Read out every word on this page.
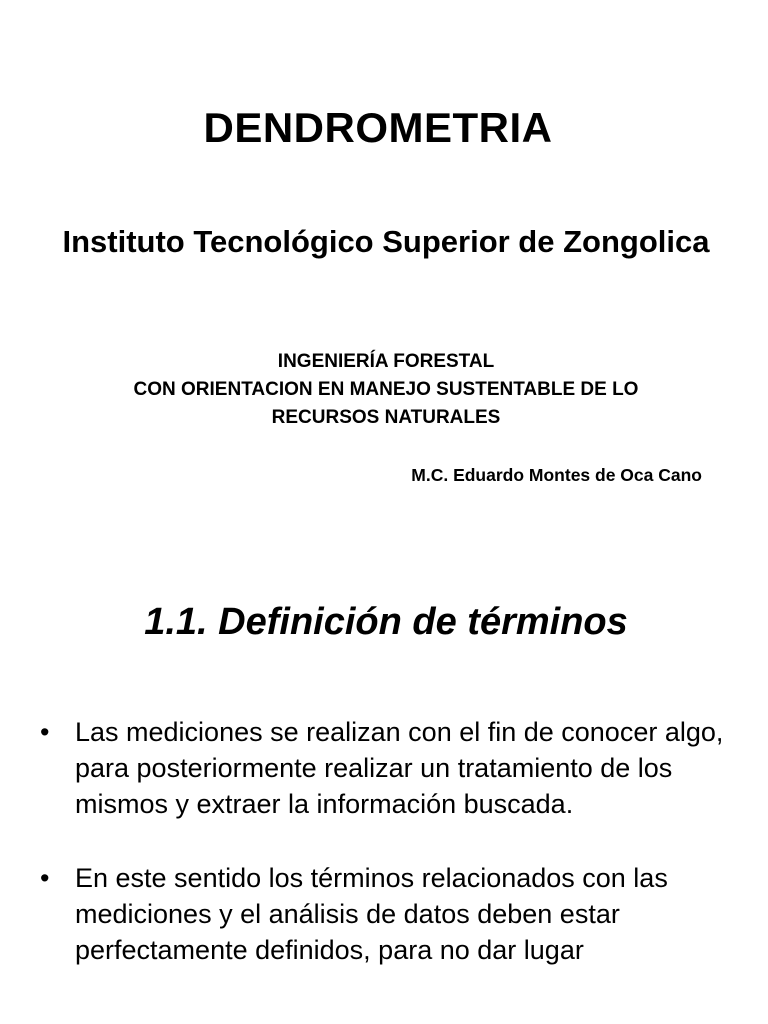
DENDROMETRIA
Instituto Tecnológico Superior de Zongolica
INGENIERÍA FORESTAL
CON ORIENTACION EN MANEJO SUSTENTABLE DE LO RECURSOS NATURALES
M.C. Eduardo Montes de Oca Cano
1.1. Definición de términos
• Las mediciones se realizan con el fin de conocer algo, para posteriormente realizar un tratamiento de los mismos y extraer la información buscada.
• En este sentido los términos relacionados con las mediciones y el análisis de datos deben estar perfectamente definidos, para no dar lugar
